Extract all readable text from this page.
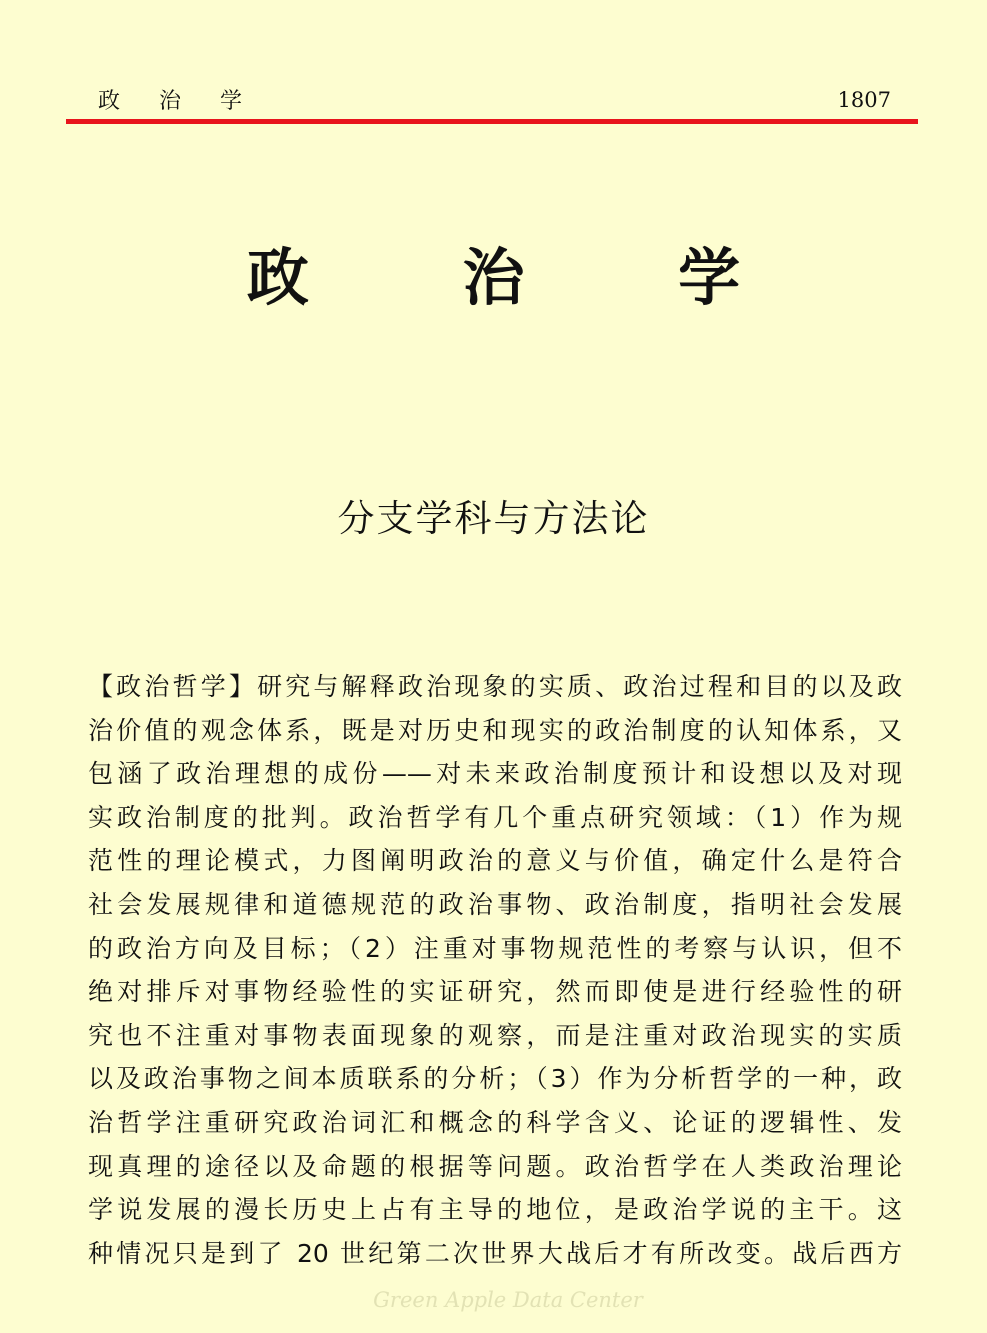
政 治 学	1807
政 治 学
分支学科与方法论
【政治哲学】研究与解释政治现象的实质、政治过程和目的以及政
治价值的观念体系，既是对历史和现实的政治制度的认知体系，又
包涵了政治理想的成份——对未来政治制度预计和设想以及对现
实政治制度的批判。政治哲学有几个重点研究领域：（1）作为规
范性的理论模式，力图阐明政治的意义与价值，确定什么是符合
社会发展规律和道德规范的政治事物、政治制度，指明社会发展
的政治方向及目标；（2）注重对事物规范性的考察与认识，但不
绝对排斥对事物经验性的实证研究，然而即使是进行经验性的研
究也不注重对事物表面现象的观察，而是注重对政治现实的实质
以及政治事物之间本质联系的分析；（3）作为分析哲学的一种，政
治哲学注重研究政治词汇和概念的科学含义、论证的逻辑性、发
现真理的途径以及命题的根据等问题。政治哲学在人类政治理论
学说发展的漫长历史上占有主导的地位，是政治学说的主干。这
种情况只是到了 20 世纪第二次世界大战后才有所改变。战后西方
Green Apple Data Center
